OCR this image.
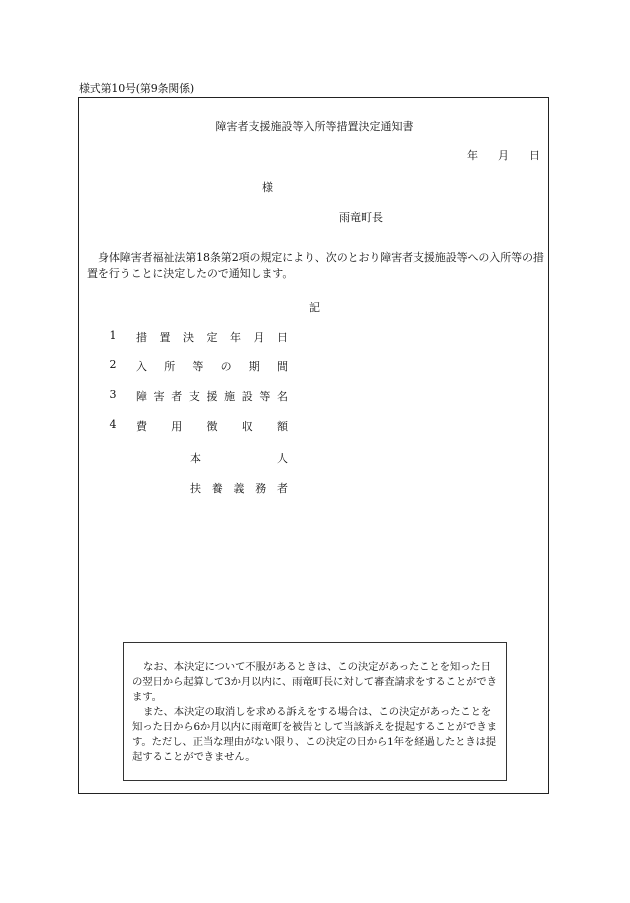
様式第10号(第9条関係)
障害者支援施設等入所等措置決定通知書
年 月 日
様
雨竜町長
身体障害者福祉法第18条第2項の規定により、次のとおり障害者支援施設等への入所等の措置を行うことに決定したので通知します。
記
1 措 置 決 定 年 月 日
2 入 所 等 の 期 間
3 障 害 者 支 援 施 設 等 名
4 費 用 徴 収 額
本	人
扶 養 義 務 者

なお、本決定について不服があるときは、この決定があったことを知った日の翌日から起算して3か月以内に、雨竜町長に対して審査請求をすることができます。

また、本決定の取消しを求める訴えをする場合は、この決定があったことを知った日から6か月以内に雨竜町を被告として当該訴えを提起することができます。ただし、正当な理由がない限り、この決定の日から1年を経過したときは提起することができません。
